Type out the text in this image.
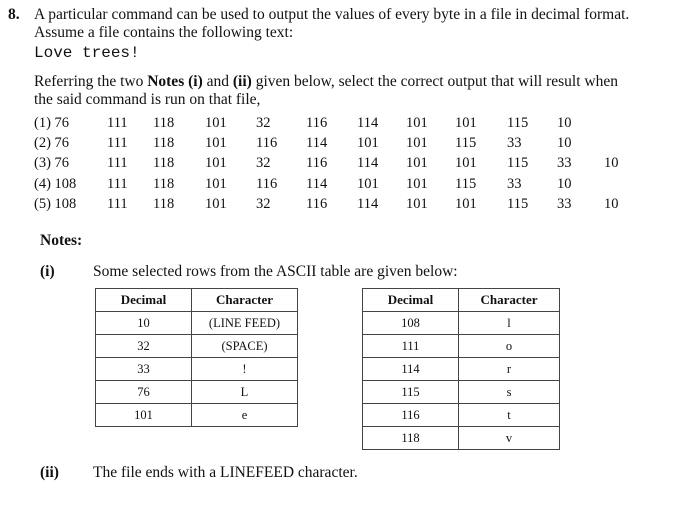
8. A particular command can be used to output the values of every byte in a file in decimal format.
Assume a file contains the following text:
Love trees!
Referring the two Notes (i) and (ii) given below, select the correct output that will result when
the said command is run on that file,
(1) 76	111 118 101 32 116 114 101 101 115 10
(2) 76	111 118 101 116 114 101 101 115 33 10
(3) 76	111 118 101 32 116 114 101 101 115 33 10
(4) 108 111 118 101 116 114 101 101 115 33 10
(5) 108 111 118 101 32 116 114 101 101 115 33 10
Notes:
(i) Some selected rows from the ASCII table are given below:
Decimal	Character
10	(LINE FEED)
32	(SPACE)
33	!
76	L
101	e
Decimal	Character
108	l
111	o
114	r
115	s
116	t
118	v
(ii) The file ends with a LINEFEED character.
